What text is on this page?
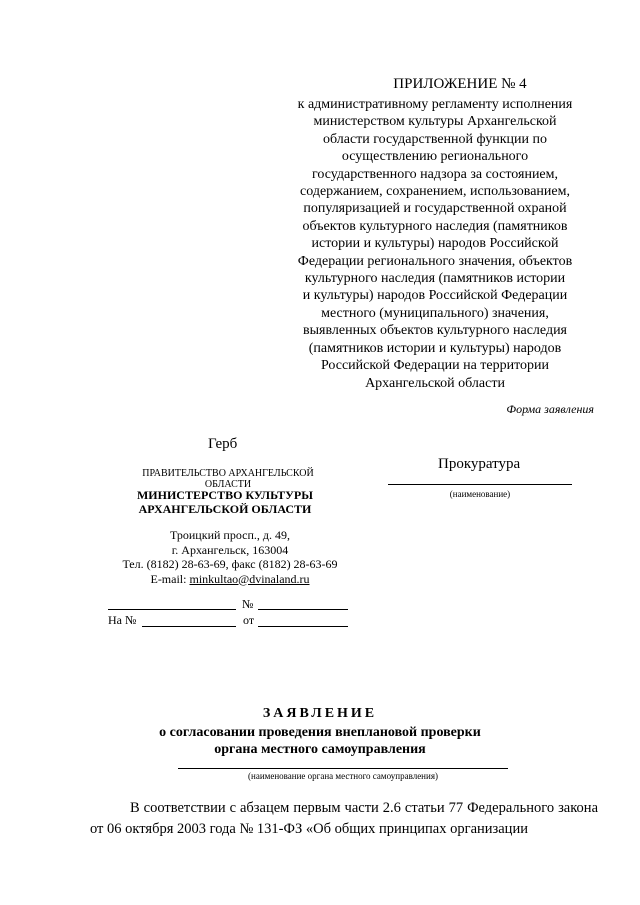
ПРИЛОЖЕНИЕ № 4
к административному регламенту исполнения
министерством культуры Архангельской
области государственной функции по
осуществлению регионального
государственного надзора за состоянием,
содержанием, сохранением, использованием,
популяризацией и государственной охраной
объектов культурного наследия (памятников
истории и культуры) народов Российской
Федерации регионального значения, объектов
культурного наследия (памятников истории
и культуры) народов Российской Федерации
местного (муниципального) значения,
выявленных объектов культурного наследия
(памятников истории и культуры) народов
Российской Федерации на территории
Архангельской области
Форма заявления
Герб
ПРАВИТЕЛЬСТВО АРХАНГЕЛЬСКОЙ ОБЛАСТИ
МИНИСТЕРСТВО КУЛЬТУРЫ
АРХАНГЕЛЬСКОЙ ОБЛАСТИ
Троицкий просп., д. 49,
г. Архангельск, 163004
Тел. (8182) 28-63-69, факс (8182) 28-63-69
E-mail: minkultao@dvinaland.ru
Прокуратура
(наименование)
№
На №	от
ЗАЯВЛЕНИЕ
о согласовании проведения внеплановой проверки
органа местного самоуправления
(наименование органа местного самоуправления)
В соответствии с абзацем первым части 2.6 статьи 77 Федерального закона от 06 октября 2003 года № 131-ФЗ «Об общих принципах организации
